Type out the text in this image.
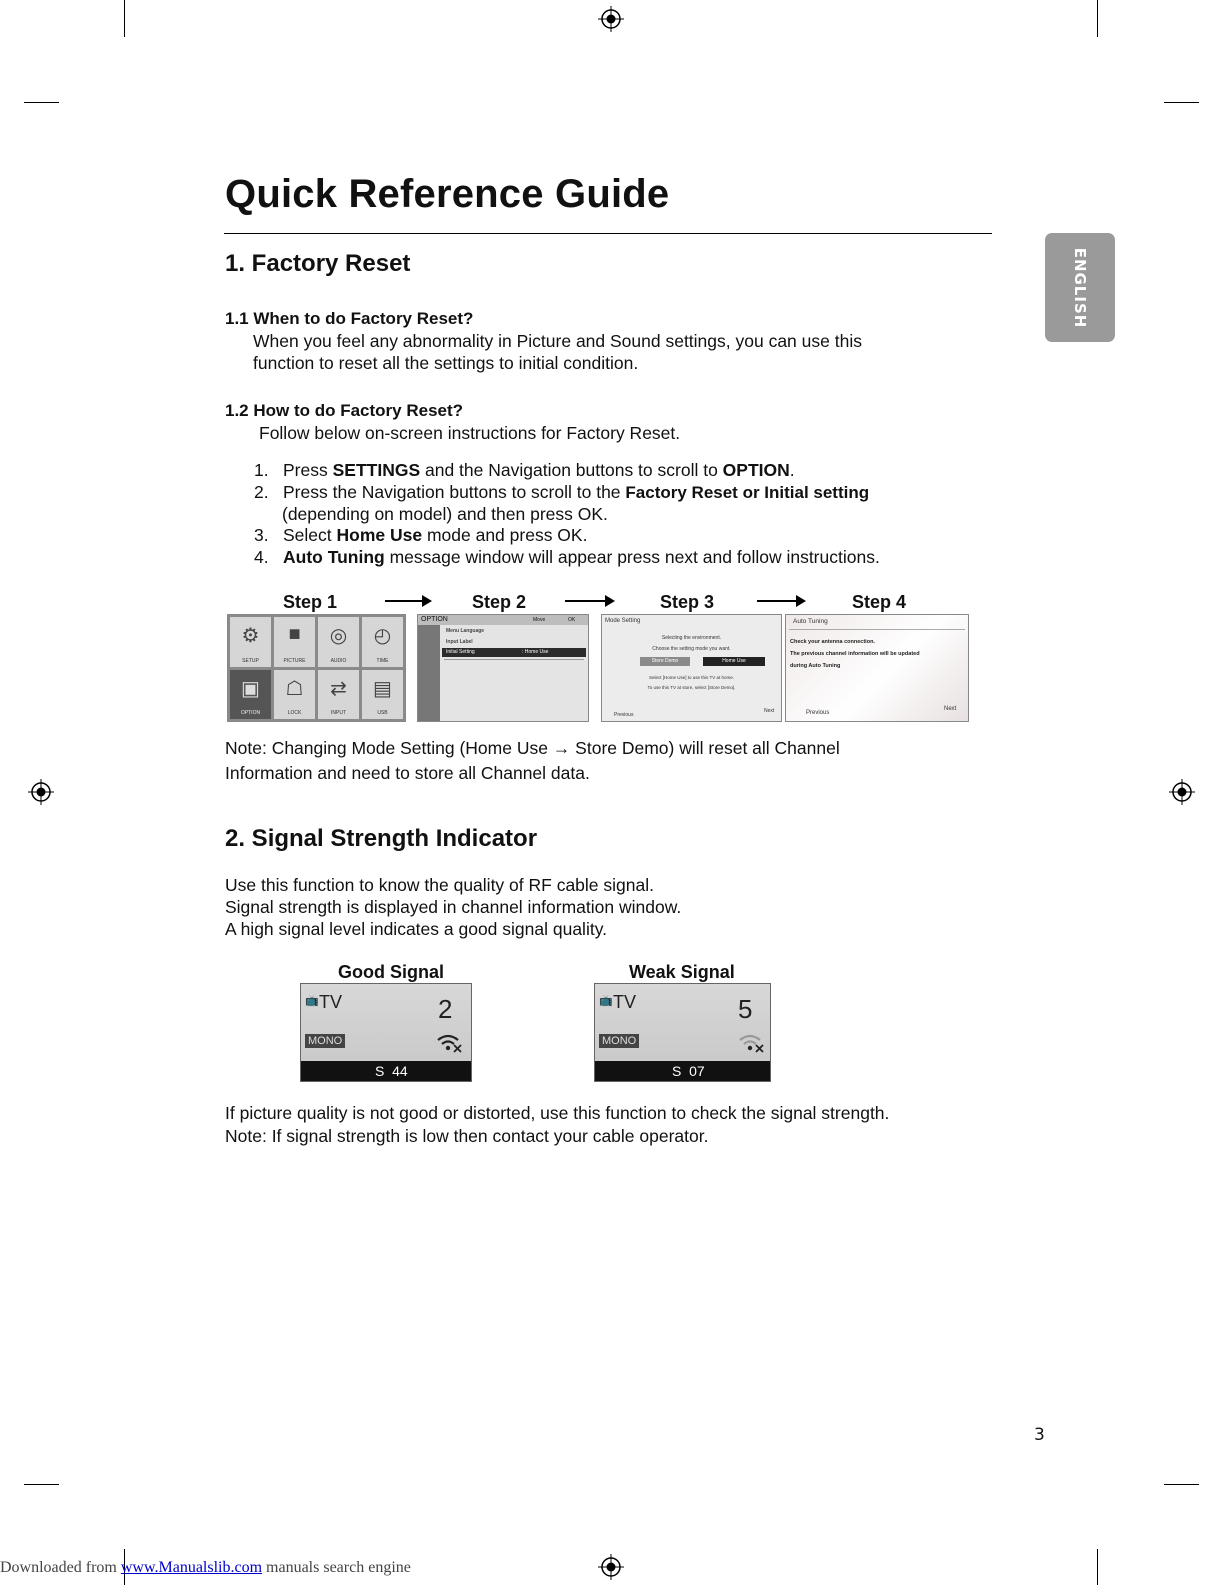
Quick Reference Guide
ENGLISH
1. Factory Reset
1.1 When to do Factory Reset?
When you feel any abnormality in Picture and Sound settings, you can use this
function to reset all the settings to initial condition.
1.2 How to do Factory Reset?
Follow below on-screen instructions for Factory Reset.
1. Press SETTINGS and the Navigation buttons to scroll to OPTION.
2. Press the Navigation buttons to scroll to the Factory Reset or Initial setting
(depending on model) and then press OK.
3. Select Home Use mode and press OK.
4. Auto Tuning message window will appear press next and follow instructions.
Step 1	Step 2	Step 3	Step 4
⚙
SETUP
■
PICTURE
◎
AUDIO
◴
TIME
▣
OPTION
☖
LOCK
⇄
INPUT
▤
USB
OPTION	Move	OK
Menu Language
Input Label
Initial Setting	: Home Use
Mode Setting
Selecting the environment.
Choose the setting mode you want.
Store Demo	Home Use
Select [Home Use] to use this TV at home.
To use this TV at store, select [Store Demo].
Previous
Next
Auto Tuning
Check your antenna connection.
The previous channel information will be updated
during Auto Tuning
Previous
Next
Note: Changing Mode Setting (Home Use → Store Demo) will reset all Channel
Information and need to store all Channel data.
2. Signal Strength Indicator
Use this function to know the quality of RF cable signal.
Signal strength is displayed in channel information window.
A high signal level indicates a good signal quality.
Good Signal	Weak Signal
📺 TV	2
MONO
S  44
📺 TV	5
MONO
S  07
If picture quality is not good or distorted, use this function to check the signal strength.
Note: If signal strength is low then contact your cable operator.
3
Downloaded from www.Manualslib.com manuals search engine
